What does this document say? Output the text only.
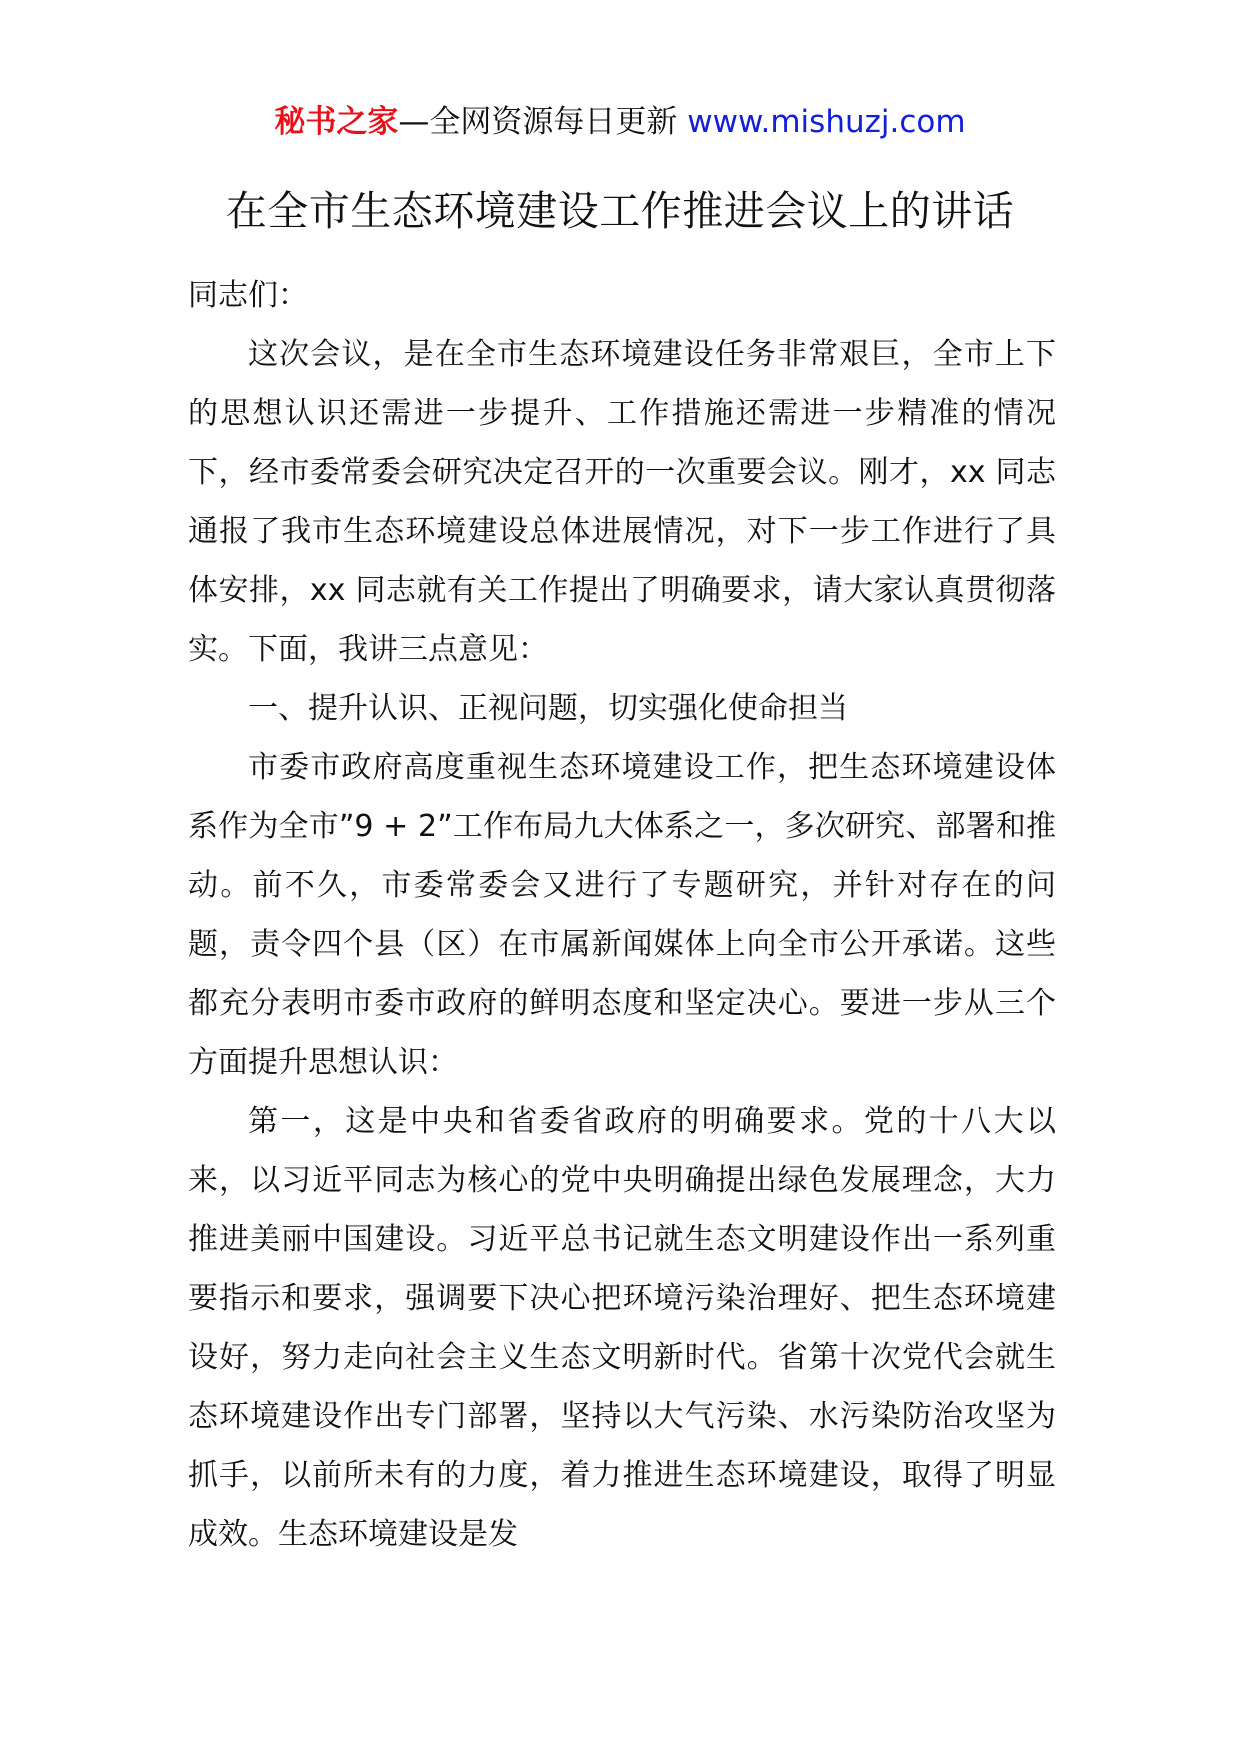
秘书之家—全网资源每日更新 www.mishuzj.com
在全市生态环境建设工作推进会议上的讲话

同志们：

这次会议，是在全市生态环境建设任务非常艰巨，全市上下的思想认识还需进一步提升、工作措施还需进一步精准的情况下，经市委常委会研究决定召开的一次重要会议。刚才，xx 同志通报了我市生态环境建设总体进展情况，对下一步工作进行了具体安排，xx 同志就有关工作提出了明确要求，请大家认真贯彻落实。下面，我讲三点意见：

一、提升认识、正视问题，切实强化使命担当

市委市政府高度重视生态环境建设工作，把生态环境建设体系作为全市”9 + 2”工作布局九大体系之一，多次研究、部署和推动。前不久，市委常委会又进行了专题研究，并针对存在的问题，责令四个县（区）在市属新闻媒体上向全市公开承诺。这些都充分表明市委市政府的鲜明态度和坚定决心。要进一步从三个方面提升思想认识：

第一，这是中央和省委省政府的明确要求。党的十八大以来，以习近平同志为核心的党中央明确提出绿色发展理念，大力推进美丽中国建设。习近平总书记就生态文明建设作出一系列重要指示和要求，强调要下决心把环境污染治理好、把生态环境建设好，努力走向社会主义生态文明新时代。省第十次党代会就生态环境建设作出专门部署，坚持以大气污染、水污染防治攻坚为抓手，以前所未有的力度，着力推进生态环境建设，取得了明显成效。生态环境建设是发
